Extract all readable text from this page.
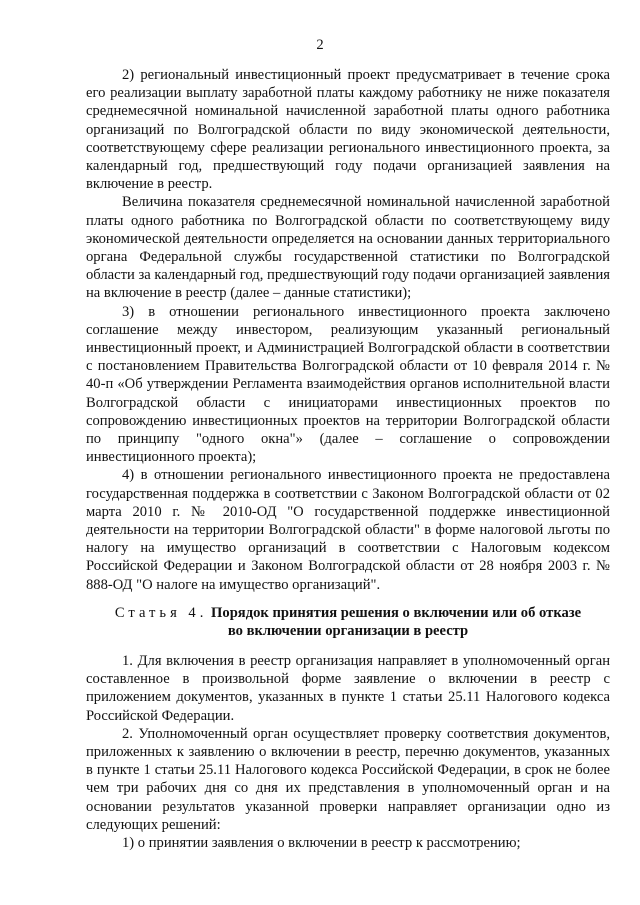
2

2) региональный инвестиционный проект предусматривает в течение срока его реализации выплату заработной платы каждому работнику не ниже показателя среднемесячной номинальной начисленной заработной платы одного работника организаций по Волгоградской области по виду экономической деятельности, соответствующему сфере реализации регионального инвестиционного проекта, за календарный год, предшествующий году подачи организацией заявления на включение в реестр.

Величина показателя среднемесячной номинальной начисленной заработной платы одного работника по Волгоградской области по соответствующему виду экономической деятельности определяется на основании данных территориального органа Федеральной службы государственной статистики по Волгоградской области за календарный год, предшествующий году подачи организацией заявления на включение в реестр (далее – данные статистики);

3) в отношении регионального инвестиционного проекта заключено соглашение между инвестором, реализующим указанный региональный инвестиционный проект, и Администрацией Волгоградской области в соответствии с постановлением Правительства Волгоградской области от 10 февраля 2014 г. № 40-п «Об утверждении Регламента взаимодействия органов исполнительной власти Волгоградской области с инициаторами инвестиционных проектов по сопровождению инвестиционных проектов на территории Волгоградской области по принципу "одного окна"» (далее – соглашение о сопровождении инвестиционного проекта);

4) в отношении регионального инвестиционного проекта не предоставлена государственная поддержка в соответствии с Законом Волгоградской области от 02 марта 2010 г. № 2010-ОД "О государственной поддержке инвестиционной деятельности на территории Волгоградской области" в форме налоговой льготы по налогу на имущество организаций в соответствии с Налоговым кодексом Российской Федерации и Законом Волгоградской области от 28 ноября 2003 г. № 888-ОД "О налоге на имущество организаций".

Статья 4. Порядок принятия решения о включении или об отказе
во включении организации в реестр

1. Для включения в реестр организация направляет в уполномоченный орган составленное в произвольной форме заявление о включении в реестр с приложением документов, указанных в пункте 1 статьи 25.11 Налогового кодекса Российской Федерации.

2. Уполномоченный орган осуществляет проверку соответствия документов, приложенных к заявлению о включении в реестр, перечню документов, указанных в пункте 1 статьи 25.11 Налогового кодекса Российской Федерации, в срок не более чем три рабочих дня со дня их представления в уполномоченный орган и на основании результатов указанной проверки направляет организации одно из следующих решений:

1) о принятии заявления о включении в реестр к рассмотрению;
